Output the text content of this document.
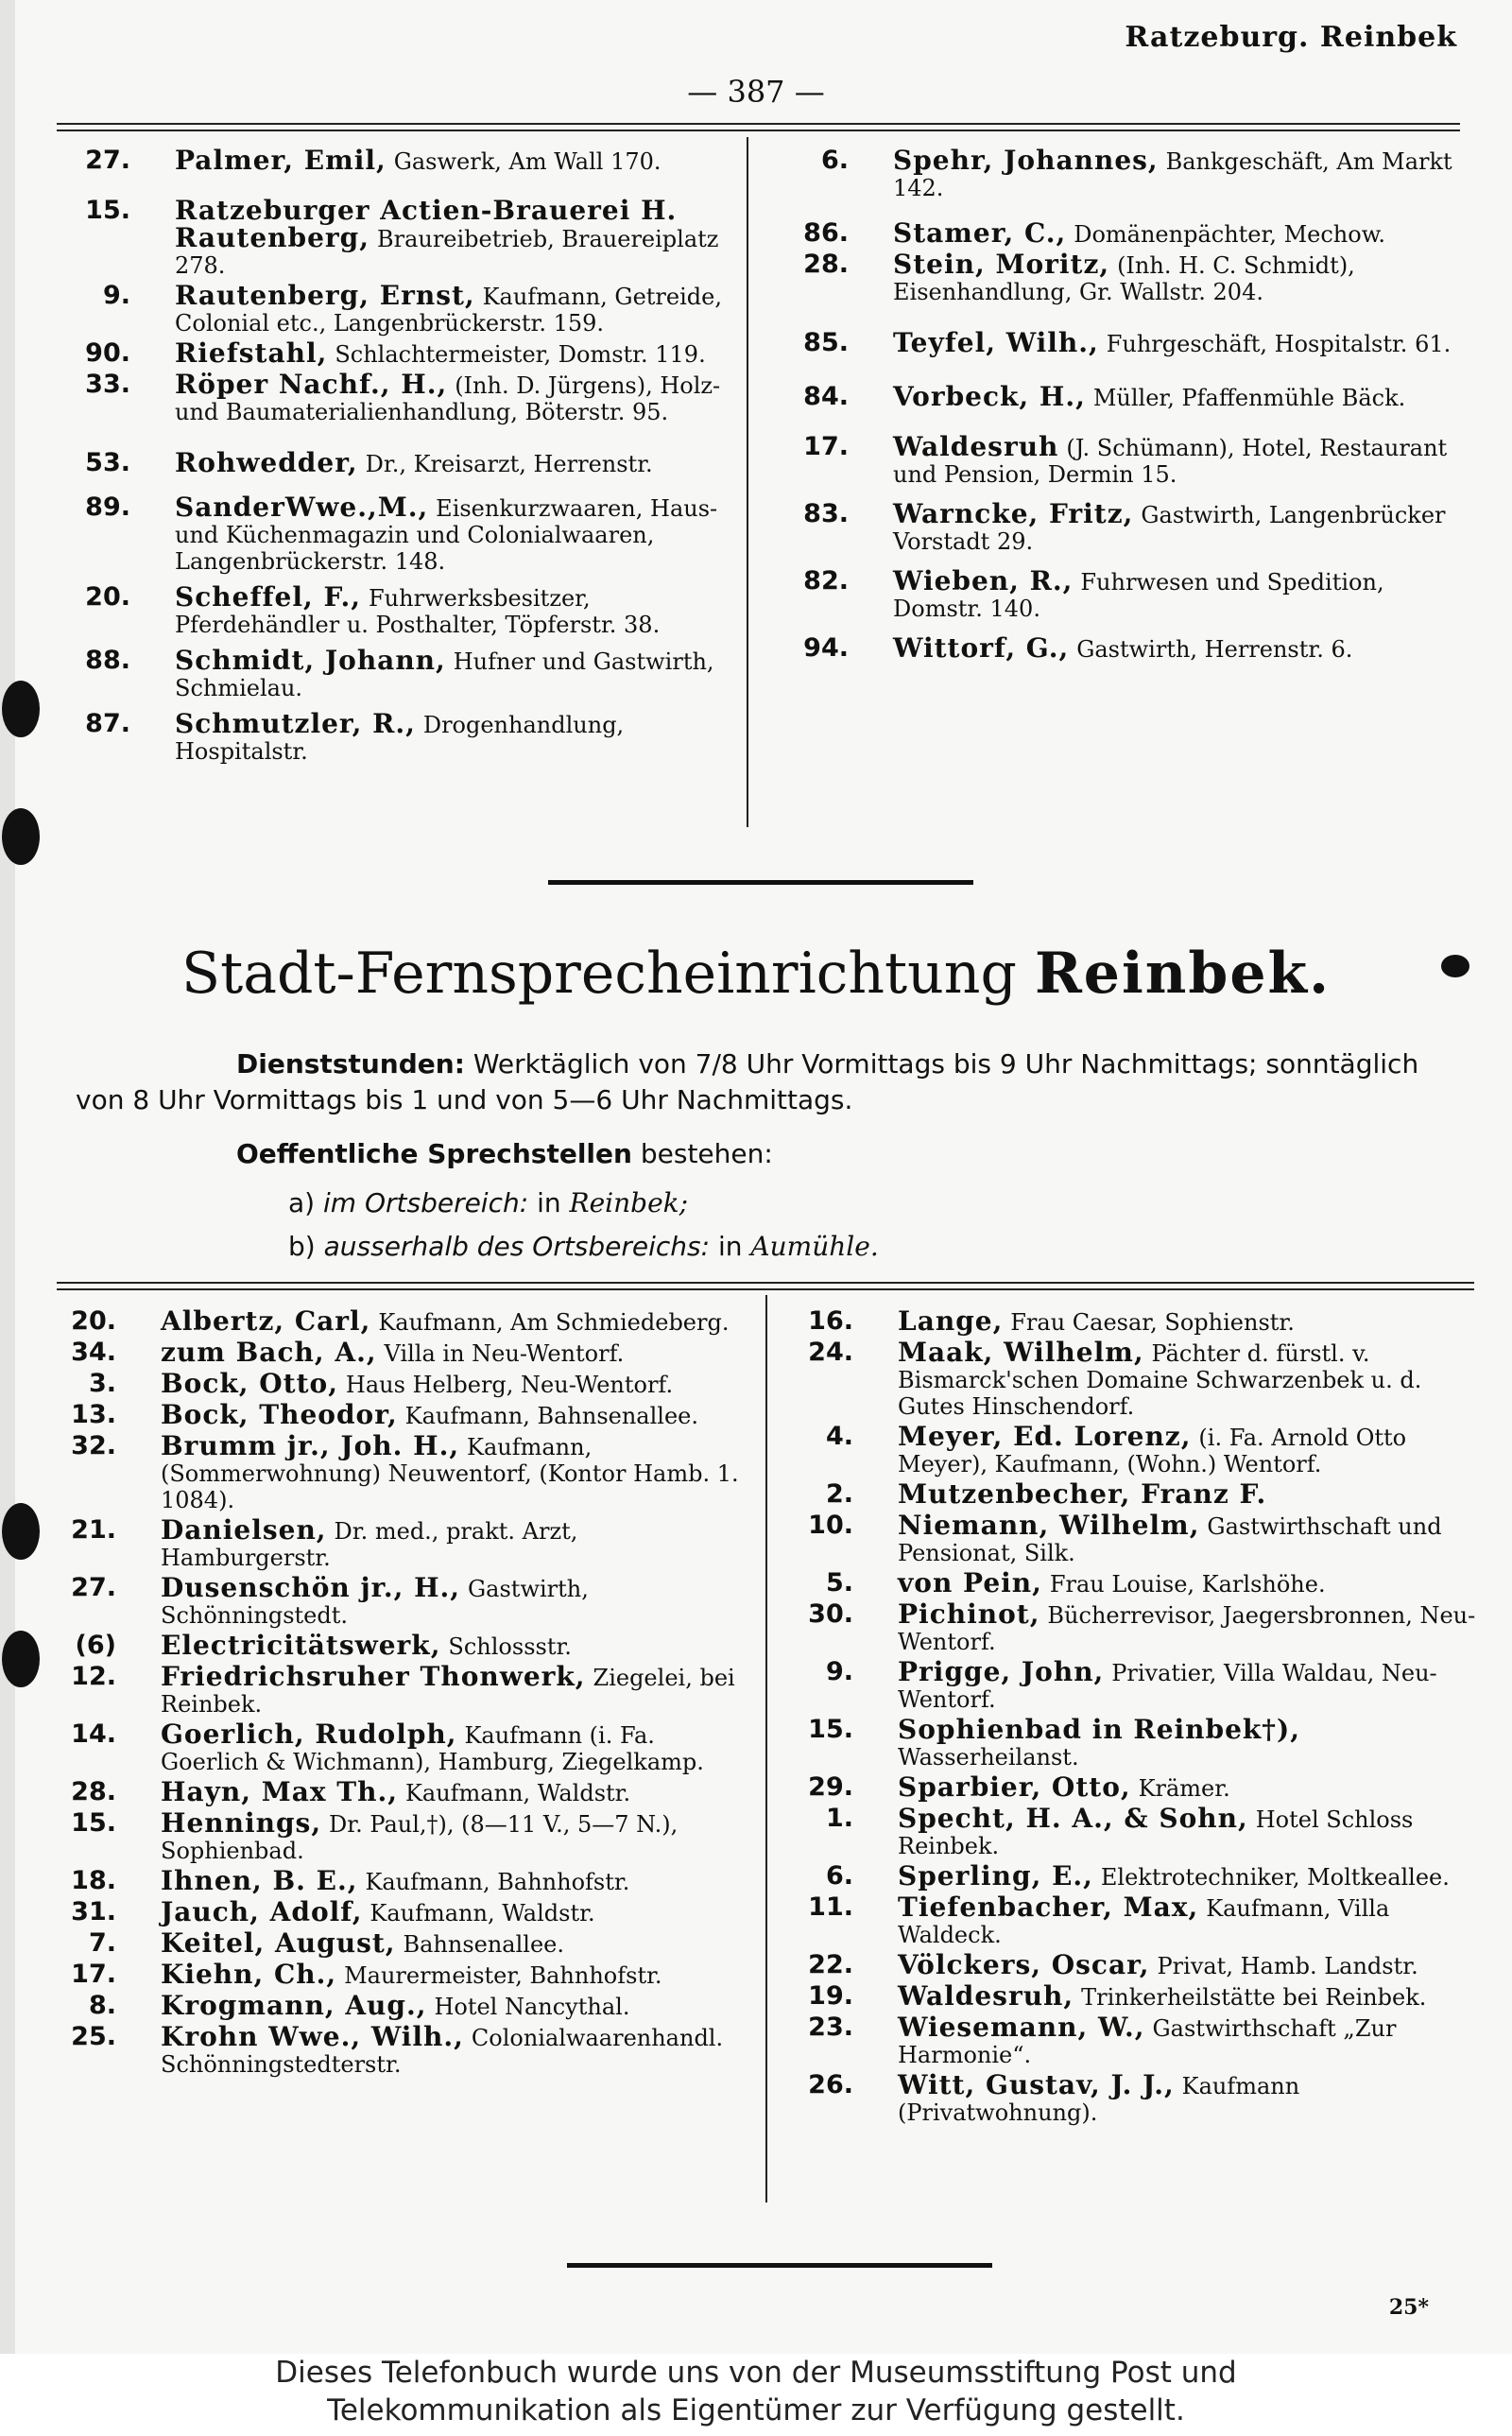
Ratzeburg. Reinbek
— 387 —

27. Palmer, Emil, Gaswerk, Am Wall 170.

15. Ratzeburger Actien-Brauerei H. Rautenberg, Braureibetrieb, Brauereiplatz 278.

9. Rautenberg, Ernst, Kaufmann, Getreide, Colonial etc., Langenbrückerstr. 159.

90. Riefstahl, Schlachtermeister, Domstr. 119.

33. Röper Nachf., H., (Inh. D. Jürgens), Holz- und Baumaterialienhandlung, Böterstr. 95.

53. Rohwedder, Dr., Kreisarzt, Herrenstr.

89. SanderWwe.,M., Eisenkurzwaaren, Haus- und Küchenmagazin und Colonialwaaren, Langenbrückerstr. 148.

20. Scheffel, F., Fuhrwerksbesitzer, Pferdehändler u. Posthalter, Töpferstr. 38.

88. Schmidt, Johann, Hufner und Gastwirth, Schmielau.

87. Schmutzler, R., Drogenhandlung, Hospitalstr.

6. Spehr, Johannes, Bankgeschäft, Am Markt 142.

86. Stamer, C., Domänenpächter, Mechow.

28. Stein, Moritz, (Inh. H. C. Schmidt), Eisenhandlung, Gr. Wallstr. 204.

85. Teyfel, Wilh., Fuhrgeschäft, Hospitalstr. 61.

84. Vorbeck, H., Müller, Pfaffenmühle Bäck.

17. Waldesruh (J. Schümann), Hotel, Restaurant und Pension, Dermin 15.

83. Warncke, Fritz, Gastwirth, Langenbrücker Vorstadt 29.

82. Wieben, R., Fuhrwesen und Spedition, Domstr. 140.

94. Wittorf, G., Gastwirth, Herrenstr. 6.

Stadt-Fernsprecheinrichtung Reinbek.
Dienststunden: Werktäglich von 7/8 Uhr Vormittags bis 9 Uhr Nachmittags; sonntäglich von 8 Uhr Vormittags bis 1 und von 5—6 Uhr Nachmittags.
Oeffentliche Sprechstellen bestehen:
a) im Ortsbereich: in Reinbek;
b) ausserhalb des Ortsbereichs: in Aumühle.

20. Albertz, Carl, Kaufmann, Am Schmiedeberg.

34. zum Bach, A., Villa in Neu-Wentorf.

3. Bock, Otto, Haus Helberg, Neu-Wentorf.

13. Bock, Theodor, Kaufmann, Bahnsenallee.

32. Brumm jr., Joh. H., Kaufmann, (Sommerwohnung) Neuwentorf, (Kontor Hamb. 1. 1084).

21. Danielsen, Dr. med., prakt. Arzt, Hamburgerstr.

27. Dusenschön jr., H., Gastwirth, Schönningstedt.

(6) Electricitätswerk, Schlossstr.

12. Friedrichsruher Thonwerk, Ziegelei, bei Reinbek.

14. Goerlich, Rudolph, Kaufmann (i. Fa. Goerlich & Wichmann), Hamburg, Ziegelkamp.

28. Hayn, Max Th., Kaufmann, Waldstr.

15. Hennings, Dr. Paul,†), (8—11 V., 5—7 N.), Sophienbad.

18. Ihnen, B. E., Kaufmann, Bahnhofstr.

31. Jauch, Adolf, Kaufmann, Waldstr.

7. Keitel, August, Bahnsenallee.

17. Kiehn, Ch., Maurermeister, Bahnhofstr.

8. Krogmann, Aug., Hotel Nancythal.

25. Krohn Wwe., Wilh., Colonialwaarenhandl. Schönningstedterstr.

16. Lange, Frau Caesar, Sophienstr.

24. Maak, Wilhelm, Pächter d. fürstl. v. Bismarck'schen Domaine Schwarzenbek u. d. Gutes Hinschendorf.

4. Meyer, Ed. Lorenz, (i. Fa. Arnold Otto Meyer), Kaufmann, (Wohn.) Wentorf.

2. Mutzenbecher, Franz F.

10. Niemann, Wilhelm, Gastwirthschaft und Pensionat, Silk.

5. von Pein, Frau Louise, Karlshöhe.

30. Pichinot, Bücherrevisor, Jaegersbronnen, Neu-Wentorf.

9. Prigge, John, Privatier, Villa Waldau, Neu-Wentorf.

15. Sophienbad in Reinbek†), Wasserheilanst.

29. Sparbier, Otto, Krämer.

1. Specht, H. A., & Sohn, Hotel Schloss Reinbek.

6. Sperling, E., Elektrotechniker, Moltkeallee.

11. Tiefenbacher, Max, Kaufmann, Villa Waldeck.

22. Völckers, Oscar, Privat, Hamb. Landstr.

19. Waldesruh, Trinkerheilstätte bei Reinbek.

23. Wiesemann, W., Gastwirthschaft „Zur Harmonie“.

26. Witt, Gustav, J. J., Kaufmann (Privatwohnung).

25*
Dieses Telefonbuch wurde uns von der Museumsstiftung Post und
Telekommunikation als Eigentümer zur Verfügung gestellt.
